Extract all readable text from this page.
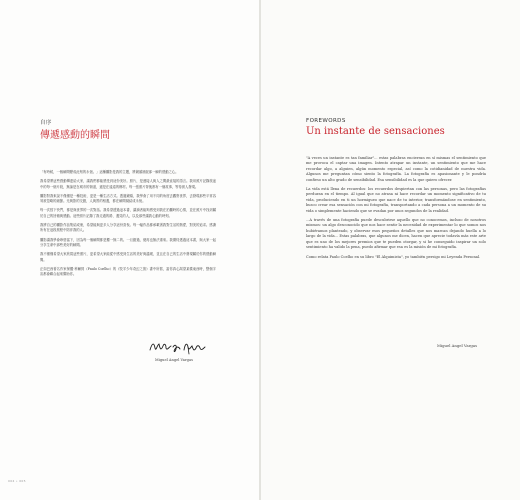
自序

傳遞感動的瞬間

「有時候，一個瞬間變成此刻的永恆。」這種攝影是我的主題，將鏡頭捕捉那一瞬的感動之心。

我希望將這些感動傳達給大家，讓我們都能感受到這份美好。照片，是連接人與人之間最直接的語言。我用照片記錄旅途中的每一個片段，無論是在城市的街道，還是在遙遠的鄉村。每一張照片背後都有一個故事，等待被人發現。

攝影對我來說不僅僅是一種技術，更是一種生活方式。透過鏡頭，我學會了用不同的角度去觀察世界，去發現那些平常容易被忽略的細節。光與影的交錯，人與景的相遇，都在瞬間凝結成永恆。

每一次按下快門，都是與世界的一次對話。我希望透過這本書，讓讀者能夠感受到我在拍攝時的心情，並在照片中找到屬於自己的回憶與感動。這些照片記錄了我走過的路、遇見的人，以及那些讓我心動的時刻。

我將自己的攝影作品集結成冊，希望能與更多人分享這份喜悅。每一幅作品都承載著我對生活的熱愛，對美的追求。感謝所有在這段旅程中陪伴我的人。

攝影讓我學會珍惜當下，因為每一個瞬間都是獨一無二的。一旦錯過，便再也無法重來。我期待透過這本書，與大家一起分享生命中那些美好的瞬間。

我不僅僅希望大家欣賞這些照片，更希望大家能從中感受到生活的美好與溫暖，並且在自己的生活中發現屬於你的感動瞬間。

正如巴西著名作家保羅·科爾賀（Paulo Coelho）的《牧羊少年奇幻之旅》書中所寫，當你真心渴望某樣東西時，整個宇宙都會聯合起來幫助你。

Miguel Angel Vargas

004 • 005

FOREWORDS

Un instante de sensaciones

"A veces un instante es tan familiar"... estas palabras encierran en sí mismas el sentimiento que me provoca el captar una imagen. Intento atrapar un instante, un sentimiento que me hace recordar algo, a alguien, algún momento especial, así como la cotidianidad de nuestra vida. Algunos me preguntan cómo siento la fotografía. La fotografía es apasionante y le pondría confieso un alto grado de sensibilidad. Esa sensibilidad es la que quiero ofrecer.

La vida está llena de recuerdos: los recuerdos despiertan con las personas, pero las fotografías perduran en el tiempo. Al igual que no atrasa ni hace recordar un momento significativo de tu vida, produciendo en ti un hormigueo que nace de tu interior, transformándose en sentimiento, busco crear esa sensación con mi fotografía, transportando a cada persona a un momento de su vida o simplemente haciendo que se evadan por unos segundos de la realidad.

...A través de una fotografía puede descubrirse aquello que no conocemos, incluso de nosotros mismos: un algo desconocido que nos hace sentir la necesidad de experimentar lo que somos nos hubiéramos planteado, y observar esos pequeños detalles que nos marcan dejando huella a lo largo de la vida... Estas palabras, que algunos me dicen, hacen que aprecie todavía más este arte que es uno de los mejores premios que te pueden otorgar, y si he conseguido inspirar un solo sentimiento ha valido la pena, puedo afirmar que esa es la misión de mi fotografía.

Como relata Paulo Coelho en su libro "El Alquimista", yo también persigo mi Leyenda Personal.

Miguel Angel Vargas
